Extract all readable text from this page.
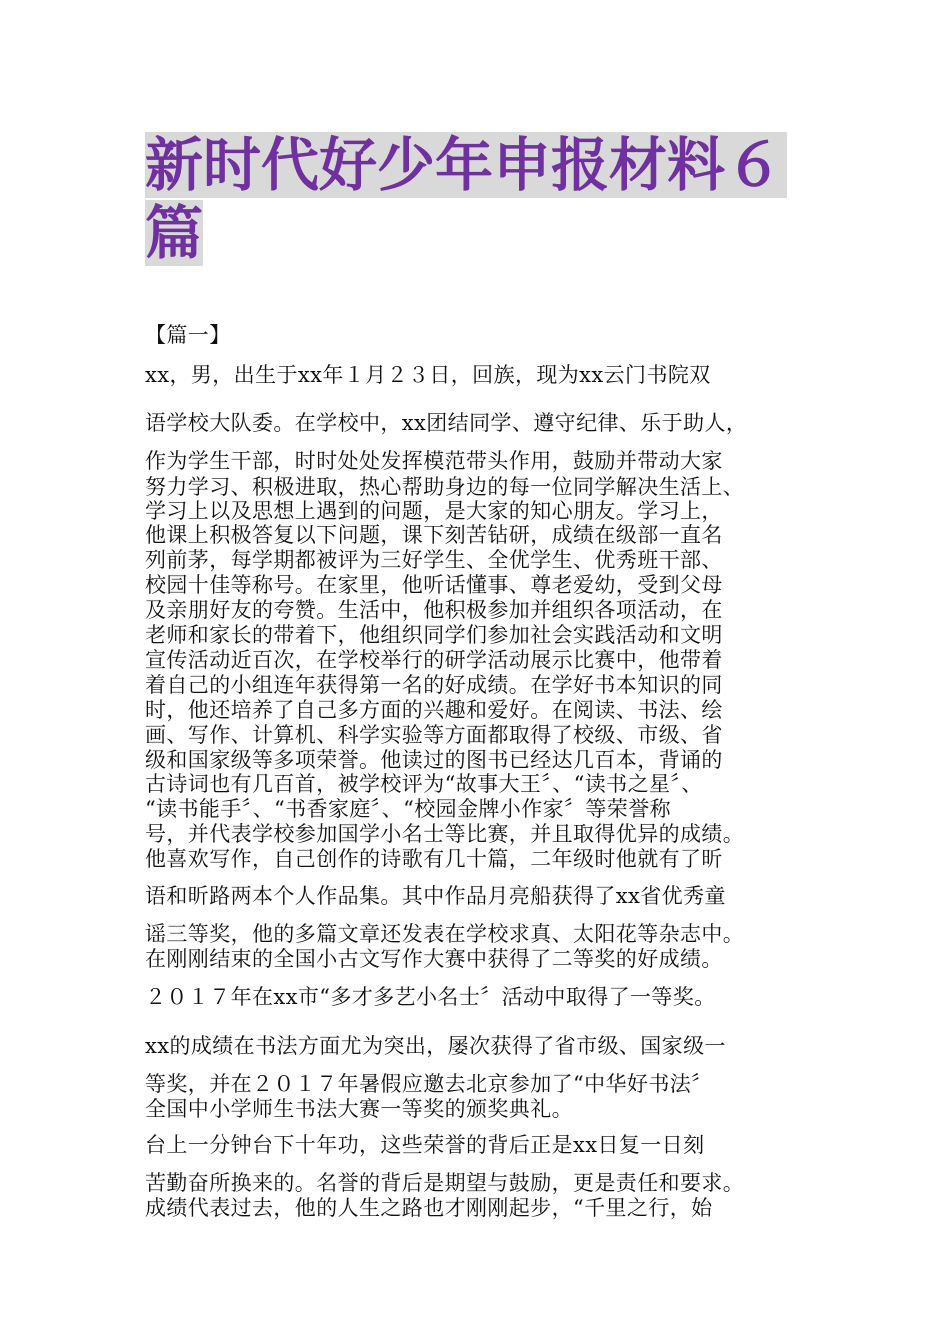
新时代好少年申报材料６
篇
【篇一】
xx，男，出生于xx年１月２３日，回族，现为xx云门书院双
语学校大队委。在学校中，xx团结同学、遵守纪律、乐于助人，
作为学生干部，时时处处发挥模范带头作用，鼓励并带动大家
努力学习、积极进取，热心帮助身边的每一位同学解决生活上、
学习上以及思想上遇到的问题，是大家的知心朋友。学习上，
他课上积极答复以下问题，课下刻苦钻研，成绩在级部一直名
列前茅，每学期都被评为三好学生、全优学生、优秀班干部、
校园十佳等称号。在家里，他听话懂事、尊老爱幼，受到父母
及亲朋好友的夸赞。生活中，他积极参加并组织各项活动，在
老师和家长的带着下，他组织同学们参加社会实践活动和文明
宣传活动近百次，在学校举行的研学活动展示比赛中，他带着
着自己的小组连年获得第一名的好成绩。在学好书本知识的同
时，他还培养了自己多方面的兴趣和爱好。在阅读、书法、绘
画、写作、计算机、科学实验等方面都取得了校级、市级、省
级和国家级等多项荣誉。他读过的图书已经达几百本，背诵的
古诗词也有几百首，被学校评为“故事大王〞、“读书之星〞、
“读书能手〞、“书香家庭〞、“校园金牌小作家〞等荣誉称
号，并代表学校参加国学小名士等比赛，并且取得优异的成绩。
他喜欢写作，自己创作的诗歌有几十篇，二年级时他就有了昕
语和昕路两本个人作品集。其中作品月亮船获得了xx省优秀童
谣三等奖，他的多篇文章还发表在学校求真、太阳花等杂志中。
在刚刚结束的全国小古文写作大赛中获得了二等奖的好成绩。
２０１７年在xx市“多才多艺小名士〞活动中取得了一等奖。
xx的成绩在书法方面尤为突出，屡次获得了省市级、国家级一
等奖，并在２０１７年暑假应邀去北京参加了“中华好书法〞
全国中小学师生书法大赛一等奖的颁奖典礼。
台上一分钟台下十年功，这些荣誉的背后正是xx日复一日刻
苦勤奋所换来的。名誉的背后是期望与鼓励，更是责任和要求。
成绩代表过去，他的人生之路也才刚刚起步，“千里之行，始
